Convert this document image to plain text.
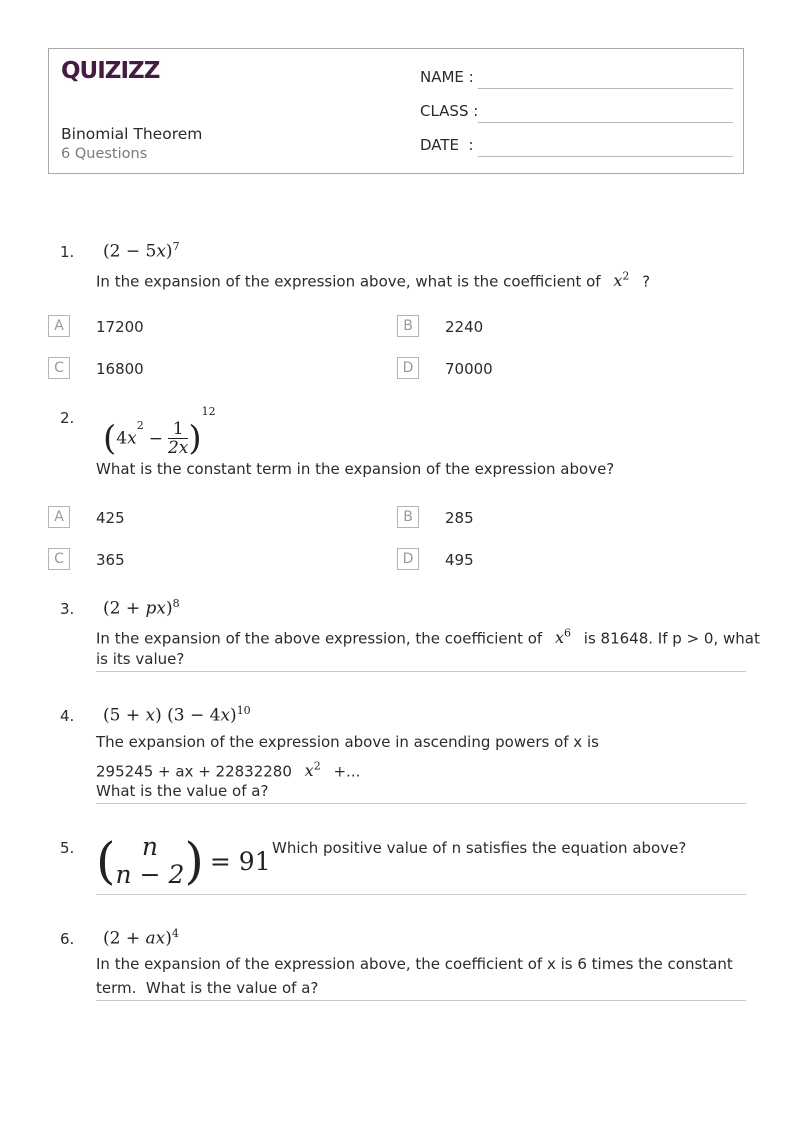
QUIZIZZ
Binomial Theorem
6 Questions
NAME :
CLASS :
DATE  :
1. $(2 - 5x)^7$
In the expansion of the expression above, what is the coefficient of $x^2$ ?
A	17200	B	2240
C	16800	D	70000
2.
$(4x^2- \frac{1}{2x} )^{12}$
What is the constant term in the expansion of the expression above?
A	425	B	285
C	365	D	495
3. (2 + px)$^8$
In the expansion of the above expression, the coefficient of $x^6$ is 81648. If p > 0, what
is its value?
4. (5 + x) $(3 - 4x)^{10}$
The expansion of the expression above in ascending powers of x is
295245 + ax + 22832280 $x^2$ +...
What is the value of a?
5. (	n
n − 2 ) = 91 Which positive value of n satisfies the equation above?
6. (2 + ax)$^4$
In the expansion of the expression above, the coefficient of x is 6 times the constant
term.  What is the value of a?
